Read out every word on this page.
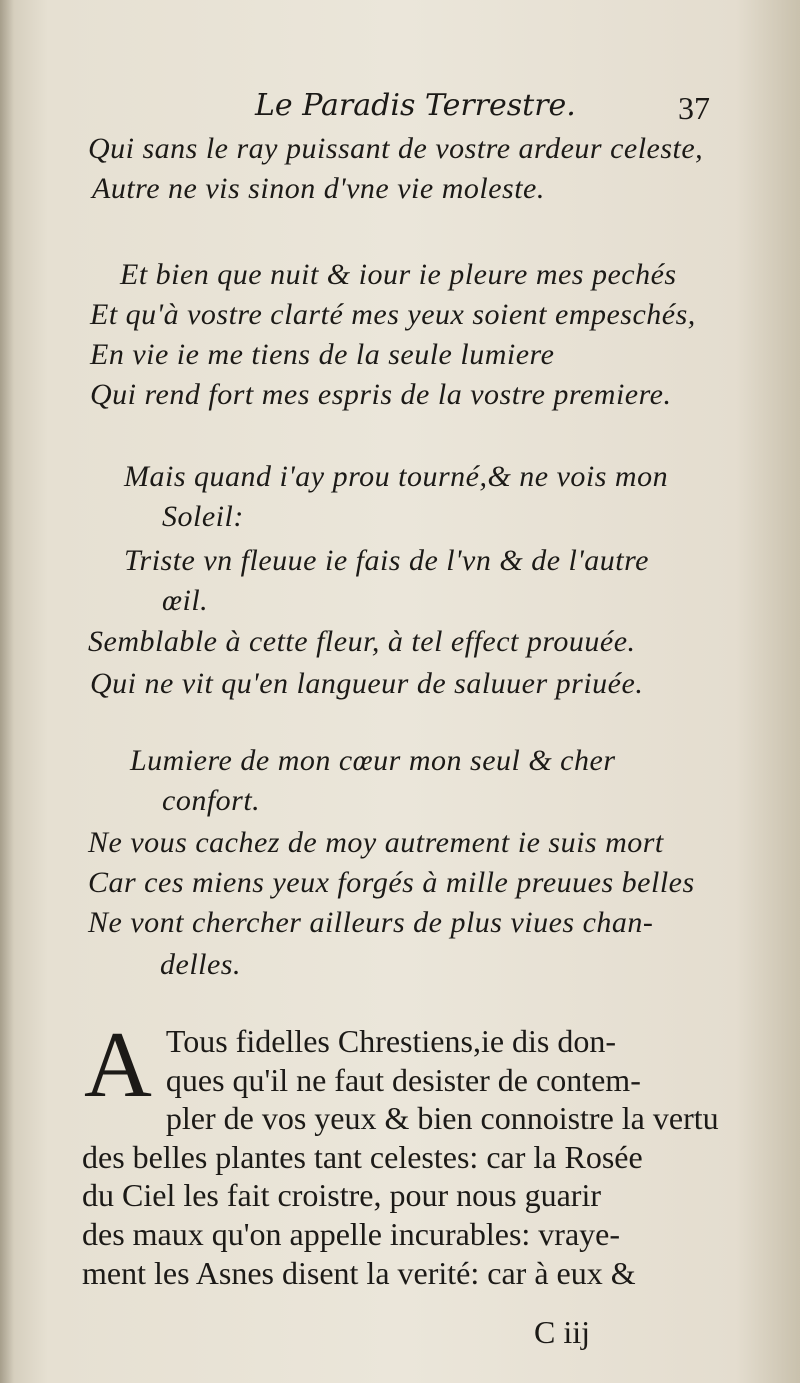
Le Paradis Terrestre.	37
Qui sans le ray puissant de vostre ardeur celeste,
Autre ne vis sinon d'vne vie moleste.
Et bien que nuit & iour ie pleure mes pechés
Et qu'à vostre clarté mes yeux soient empeschés,
En vie ie me tiens de la seule lumiere
Qui rend fort mes espris de la vostre premiere.
Mais quand i'ay prou tourné,& ne vois mon
Soleil:
Triste vn fleuue ie fais de l'vn & de l'autre
œil.
Semblable à cette fleur, à tel effect prouuée.
Qui ne vit qu'en langueur de saluuer priuée.
Lumiere de mon cœur mon seul & cher
confort.
Ne vous cachez de moy autrement ie suis mort
Car ces miens yeux forgés à mille preuues belles
Ne vont chercher ailleurs de plus viues chan-
delles.
A Tous fidelles Chrestiens,ie dis don-
ques qu'il ne faut desister de contem-
pler de vos yeux & bien connoistre la vertu
des belles plantes tant celestes: car la Rosée
du Ciel les fait croistre, pour nous guarir
des maux qu'on appelle incurables: vraye-
ment les Asnes disent la verité: car à eux &
C iij
